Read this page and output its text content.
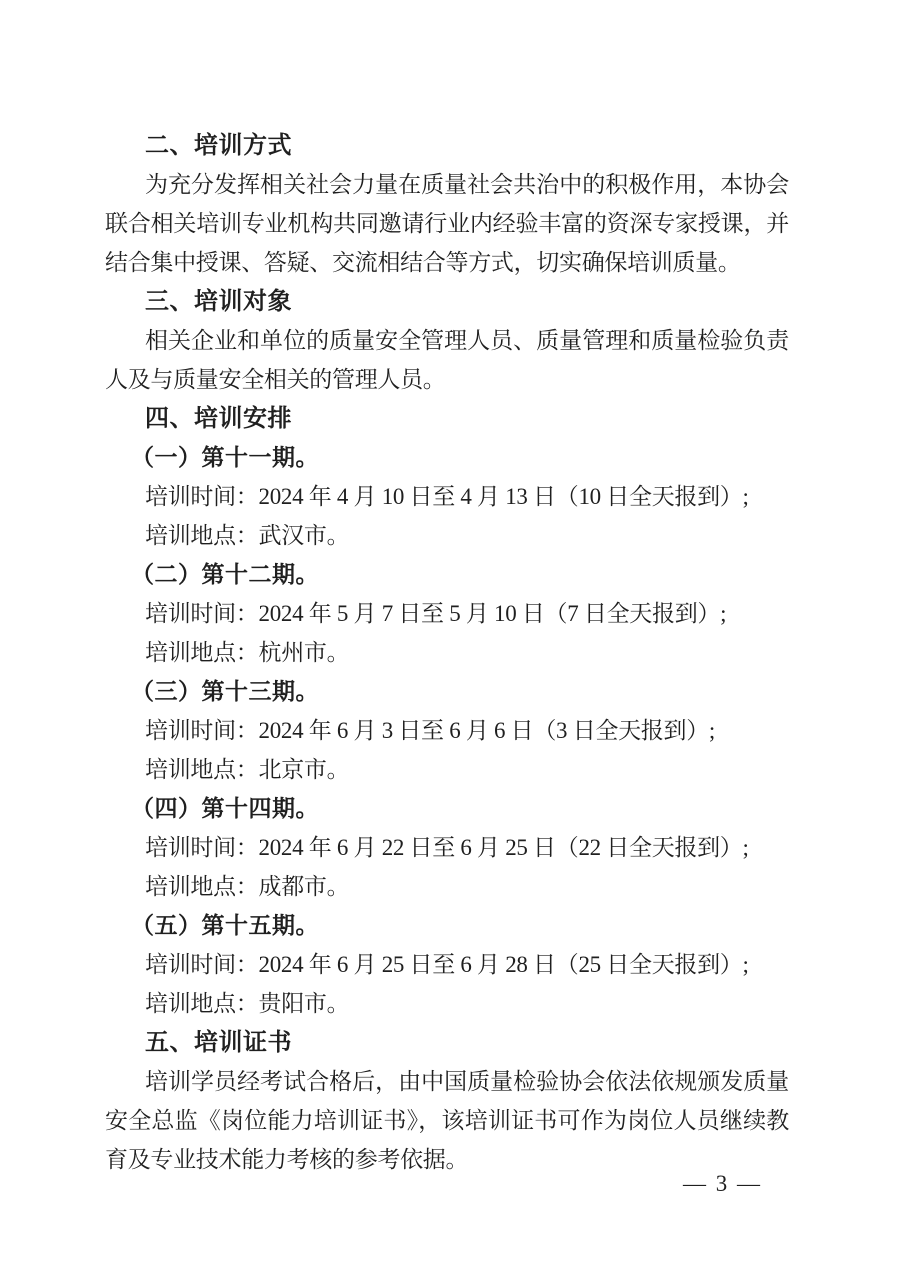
二、培训方式

为充分发挥相关社会力量在质量社会共治中的积极作用，本协会联合相关培训专业机构共同邀请行业内经验丰富的资深专家授课，并结合集中授课、答疑、交流相结合等方式，切实确保培训质量。

三、培训对象

相关企业和单位的质量安全管理人员、质量管理和质量检验负责人及与质量安全相关的管理人员。

四、培训安排

（一）第十一期。

培训时间：2024 年 4 月 10 日至 4 月 13 日（10 日全天报到）;

培训地点：武汉市。

（二）第十二期。

培训时间：2024 年 5 月 7 日至 5 月 10 日（7 日全天报到）;

培训地点：杭州市。

（三）第十三期。

培训时间：2024 年 6 月 3 日至 6 月 6 日（3 日全天报到）;

培训地点：北京市。

（四）第十四期。

培训时间：2024 年 6 月 22 日至 6 月 25 日（22 日全天报到）;

培训地点：成都市。

（五）第十五期。

培训时间：2024 年 6 月 25 日至 6 月 28 日（25 日全天报到）;

培训地点：贵阳市。

五、培训证书

培训学员经考试合格后，由中国质量检验协会依法依规颁发质量安全总监《岗位能力培训证书》，该培训证书可作为岗位人员继续教育及专业技术能力考核的参考依据。

— 3 —
